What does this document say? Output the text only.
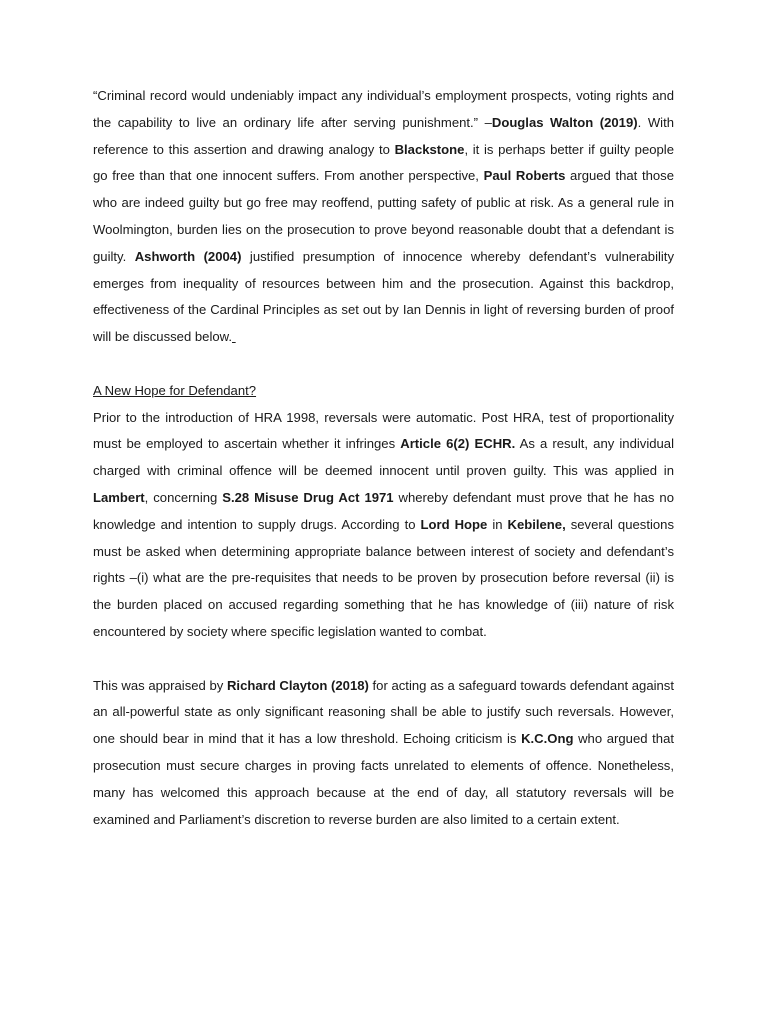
“Criminal record would undeniably impact any individual’s employment prospects, voting rights and the capability to live an ordinary life after serving punishment.” –Douglas Walton (2019). With reference to this assertion and drawing analogy to Blackstone, it is perhaps better if guilty people go free than that one innocent suffers. From another perspective, Paul Roberts argued that those who are indeed guilty but go free may reoffend, putting safety of public at risk. As a general rule in Woolmington, burden lies on the prosecution to prove beyond reasonable doubt that a defendant is guilty. Ashworth (2004) justified presumption of innocence whereby defendant’s vulnerability emerges from inequality of resources between him and the prosecution. Against this backdrop, effectiveness of the Cardinal Principles as set out by Ian Dennis in light of reversing burden of proof will be discussed below.

A New Hope for Defendant?

Prior to the introduction of HRA 1998, reversals were automatic. Post HRA, test of proportionality must be employed to ascertain whether it infringes Article 6(2) ECHR. As a result, any individual charged with criminal offence will be deemed innocent until proven guilty. This was applied in Lambert, concerning S.28 Misuse Drug Act 1971 whereby defendant must prove that he has no knowledge and intention to supply drugs. According to Lord Hope in Kebilene, several questions must be asked when determining appropriate balance between interest of society and defendant’s rights –(i) what are the pre-requisites that needs to be proven by prosecution before reversal (ii) is the burden placed on accused regarding something that he has knowledge of (iii) nature of risk encountered by society where specific legislation wanted to combat.

This was appraised by Richard Clayton (2018) for acting as a safeguard towards defendant against an all-powerful state as only significant reasoning shall be able to justify such reversals. However, one should bear in mind that it has a low threshold. Echoing criticism is K.C.Ong who argued that prosecution must secure charges in proving facts unrelated to elements of offence. Nonetheless, many has welcomed this approach because at the end of day, all statutory reversals will be examined and Parliament’s discretion to reverse burden are also limited to a certain extent.
